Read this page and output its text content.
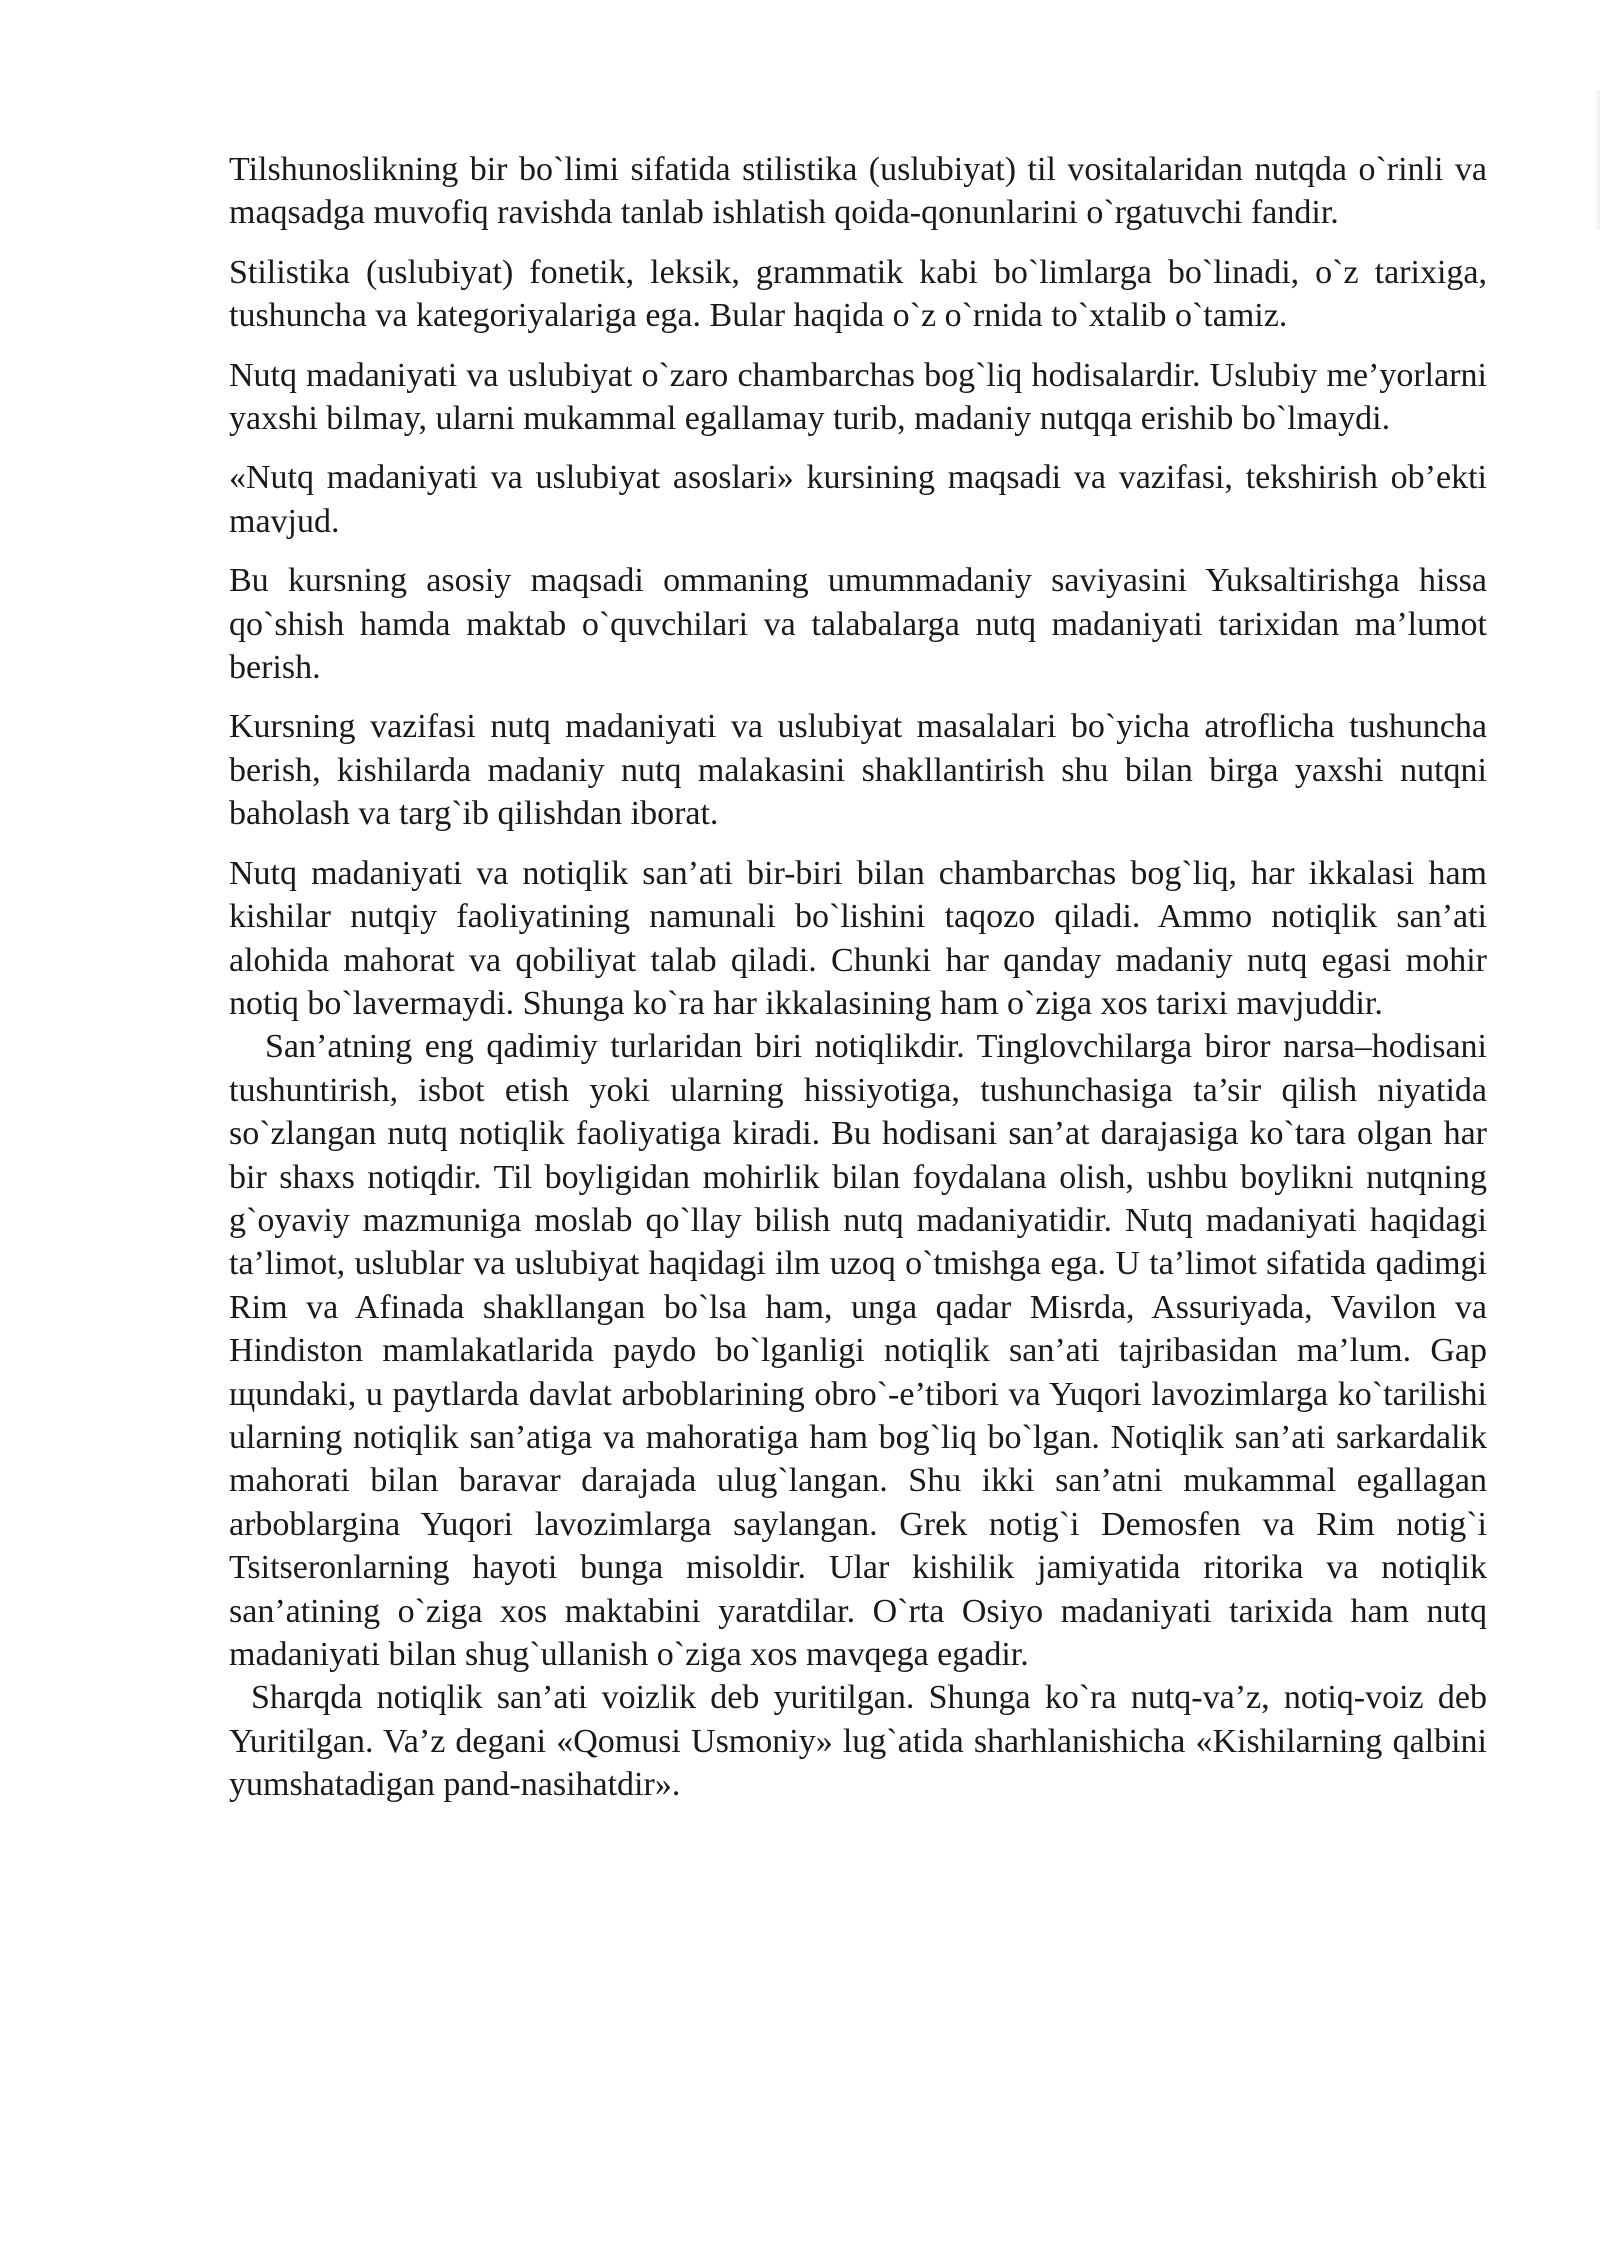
Tilshunoslikning bir bo`limi sifatida stilistika (uslubiyat) til vositalaridan nutqda o`rinli va maqsadga muvofiq ravishda tanlab ishlatish qoida-qonunlarini o`rgatuvchi fandir.

Stilistika (uslubiyat) fonetik, leksik, grammatik kabi bo`limlarga bo`linadi, o`z tarixiga, tushuncha va kategoriyalariga ega. Bular haqida o`z o`rnida to`xtalib o`tamiz.

Nutq madaniyati va uslubiyat o`zaro chambarchas bog`liq hodisalardir. Uslubiy me’yorlarni yaxshi bilmay, ularni mukammal egallamay turib, madaniy nutqqa erishib bo`lmaydi.

«Nutq madaniyati va uslubiyat asoslari» kursining maqsadi va vazifasi, tekshirish ob’ekti mavjud.

Bu kursning asosiy maqsadi ommaning umummadaniy saviyasini Yuksaltirishga hissa qo`shish hamda maktab o`quvchilari va talabalarga nutq madaniyati tarixidan ma’lumot berish.

Kursning vazifasi nutq madaniyati va uslubiyat masalalari bo`yicha atroflicha tushuncha berish, kishilarda madaniy nutq malakasini shakllantirish shu bilan birga yaxshi nutqni baholash va targ`ib qilishdan iborat.

Nutq madaniyati va notiqlik san’ati bir-biri bilan chambarchas bog`liq, har ikkalasi ham kishilar nutqiy faoliyatining namunali bo`lishini taqozo qiladi. Ammo notiqlik san’ati alohida mahorat va qobiliyat talab qiladi. Chunki har qanday madaniy nutq egasi mohir notiq bo`lavermaydi. Shunga ko`ra har ikkalasining ham o`ziga xos tarixi mavjuddir.

San’atning eng qadimiy turlaridan biri notiqlikdir. Tinglovchilarga biror narsa–hodisani tushuntirish, isbot etish yoki ularning hissiyotiga, tushunchasiga ta’sir qilish niyatida so`zlangan nutq notiqlik faoliyatiga kiradi. Bu hodisani san’at darajasiga ko`tara olgan har bir shaxs notiqdir. Til boyligidan mohirlik bilan foydalana olish, ushbu boylikni nutqning g`oyaviy mazmuniga moslab qo`llay bilish nutq madaniyatidir. Nutq madaniyati haqidagi ta’limot, uslublar va uslubiyat haqidagi ilm uzoq o`tmishga ega. U ta’limot sifatida qadimgi Rim va Afinada shakllangan bo`lsa ham, unga qadar Misrda, Assuriyada, Vavilon va Hindiston mamlakatlarida paydo bo`lganligi notiqlik san’ati tajribasidan ma’lum. Gap щundaki, u paytlarda davlat arboblarining obro`-e’tibori va Yuqori lavozimlarga ko`tarilishi ularning notiqlik san’atiga va mahoratiga ham bog`liq bo`lgan. Notiqlik san’ati sarkardalik mahorati bilan baravar darajada ulug`langan. Shu ikki san’atni mukammal egallagan arboblargina Yuqori lavozimlarga saylangan. Grek notig`i Demosfen va Rim notig`i Tsitseronlarning hayoti bunga misoldir. Ular kishilik jamiyatida ritorika va notiqlik san’atining o`ziga xos maktabini yaratdilar. O`rta Osiyo madaniyati tarixida ham nutq madaniyati bilan shug`ullanish o`ziga xos mavqega egadir.

Sharqda notiqlik san’ati voizlik deb yuritilgan. Shunga ko`ra nutq-va’z, notiq-voiz deb Yuritilgan. Va’z degani «Qomusi Usmoniy» lug`atida sharhlanishicha «Kishilarning qalbini yumshatadigan pand-nasihatdir».
